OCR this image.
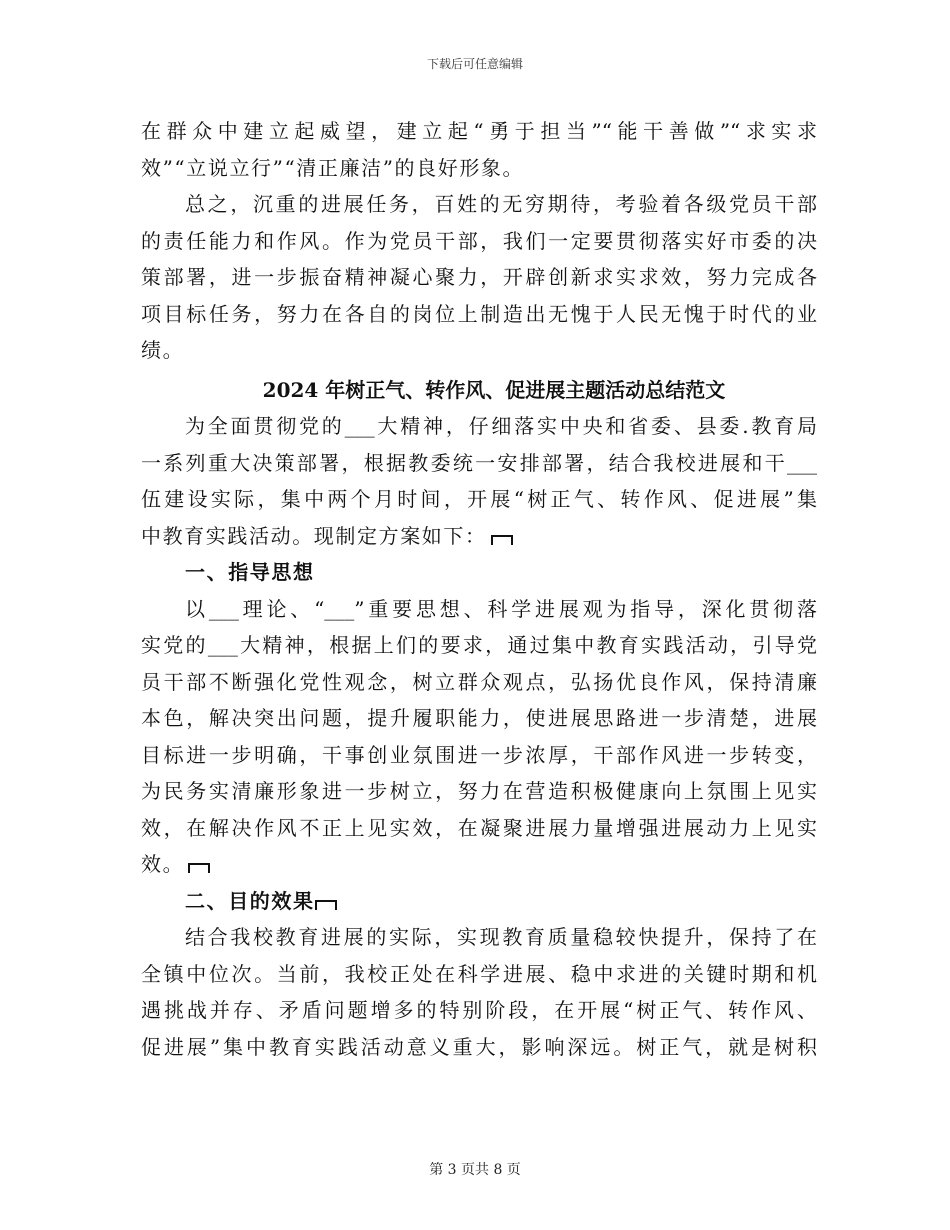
下载后可任意编辑
在群众中建立起威望，建立起“勇于担当”“能干善做”“求实求
效”“立说立行”“清正廉洁”的良好形象。
总之，沉重的进展任务，百姓的无穷期待，考验着各级党员干部
的责任能力和作风。作为党员干部，我们一定要贯彻落实好市委的决
策部署，进一步振奋精神凝心聚力，开辟创新求实求效，努力完成各
项目标任务，努力在各自的岗位上制造出无愧于人民无愧于时代的业
绩。
2024 年树正气、转作风、促进展主题活动总结范文
为全面贯彻党的___大精神，仔细落实中央和省委、县委.教育局
一系列重大决策部署，根据教委统一安排部署，结合我校进展和干___
伍建设实际，集中两个月时间，开展“树正气、转作风、促进展”集
中教育实践活动。现制定方案如下：
一、指导思想
以___理论、“___”重要思想、科学进展观为指导，深化贯彻落
实党的___大精神，根据上们的要求，通过集中教育实践活动，引导党
员干部不断强化党性观念，树立群众观点，弘扬优良作风，保持清廉
本色，解决突出问题，提升履职能力，使进展思路进一步清楚，进展
目标进一步明确，干事创业氛围进一步浓厚，干部作风进一步转变，
为民务实清廉形象进一步树立，努力在营造积极健康向上氛围上见实
效，在解决作风不正上见实效，在凝聚进展力量增强进展动力上见实
效。
二、目的效果
结合我校教育进展的实际，实现教育质量稳较快提升，保持了在
全镇中位次。当前，我校正处在科学进展、稳中求进的关键时期和机
遇挑战并存、矛盾问题增多的特别阶段，在开展“树正气、转作风、
促进展”集中教育实践活动意义重大，影响深远。树正气，就是树积
第 3 页共 8 页
